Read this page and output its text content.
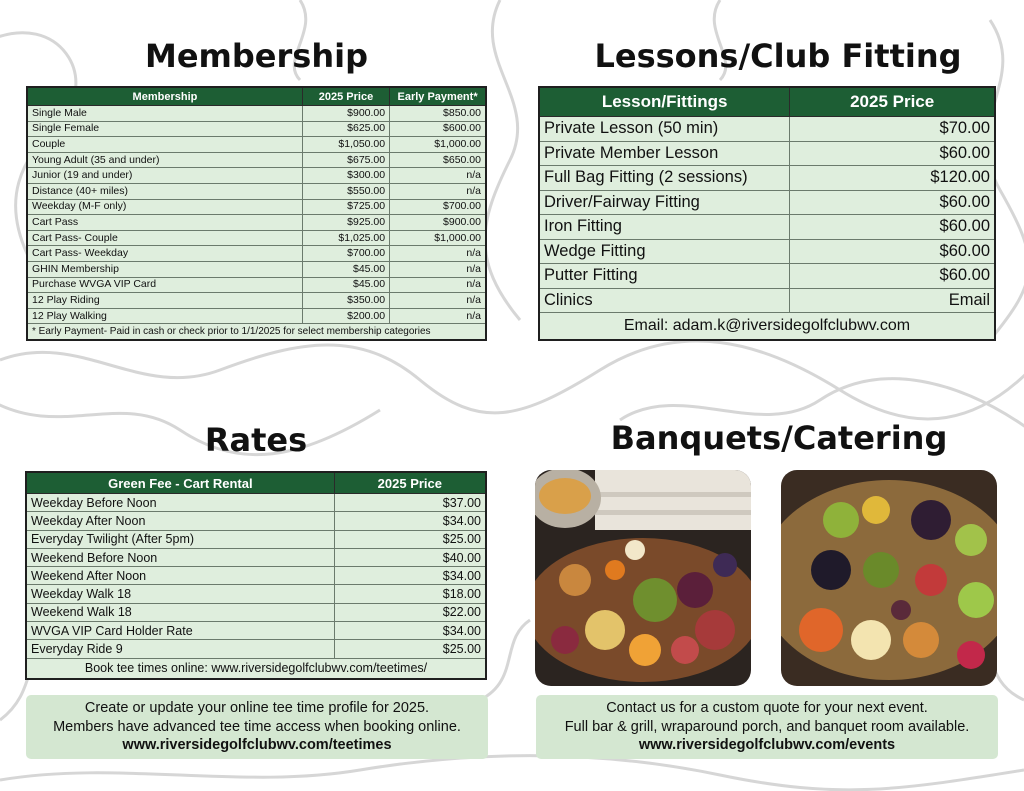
Membership
Membership	2025 Price	Early Payment*
Single Male	$900.00	$850.00
Single Female	$625.00	$600.00
Couple	$1,050.00	$1,000.00
Young Adult (35 and under)	$675.00	$650.00
Junior (19 and under)	$300.00	n/a
Distance (40+ miles)	$550.00	n/a
Weekday (M-F only)	$725.00	$700.00
Cart Pass	$925.00	$900.00
Cart Pass- Couple	$1,025.00	$1,000.00
Cart Pass- Weekday	$700.00	n/a
GHIN Membership	$45.00	n/a
Purchase WVGA VIP Card	$45.00	n/a
12 Play Riding	$350.00	n/a
12 Play Walking	$200.00	n/a
* Early Payment- Paid in cash or check prior to 1/1/2025 for select membership categories		
Lessons/Club Fitting
Lesson/Fittings	2025 Price
Private Lesson (50 min)	$70.00
Private Member Lesson	$60.00
Full Bag Fitting (2 sessions)	$120.00
Driver/Fairway Fitting	$60.00
Iron Fitting	$60.00
Wedge Fitting	$60.00
Putter Fitting	$60.00
Clinics	Email
Email: adam.k@riversidegolfclubwv.com	
Rates
Green Fee - Cart Rental	2025 Price
Weekday Before Noon	$37.00
Weekday After Noon	$34.00
Everyday Twilight (After 5pm)	$25.00
Weekend Before Noon	$40.00
Weekend After Noon	$34.00
Weekday Walk 18	$18.00
Weekend Walk 18	$22.00
WVGA VIP Card Holder Rate	$34.00
Everyday Ride 9	$25.00
Book tee times online: www.riversidegolfclubwv.com/teetimes/	
Create or update your online tee time profile for 2025.
Members have advanced tee time access when booking online.
www.riversidegolfclubwv.com/teetimes
Banquets/Catering
Contact us for a custom quote for your next event.
Full bar & grill, wraparound porch, and banquet room available.
www.riversidegolfclubwv.com/events
